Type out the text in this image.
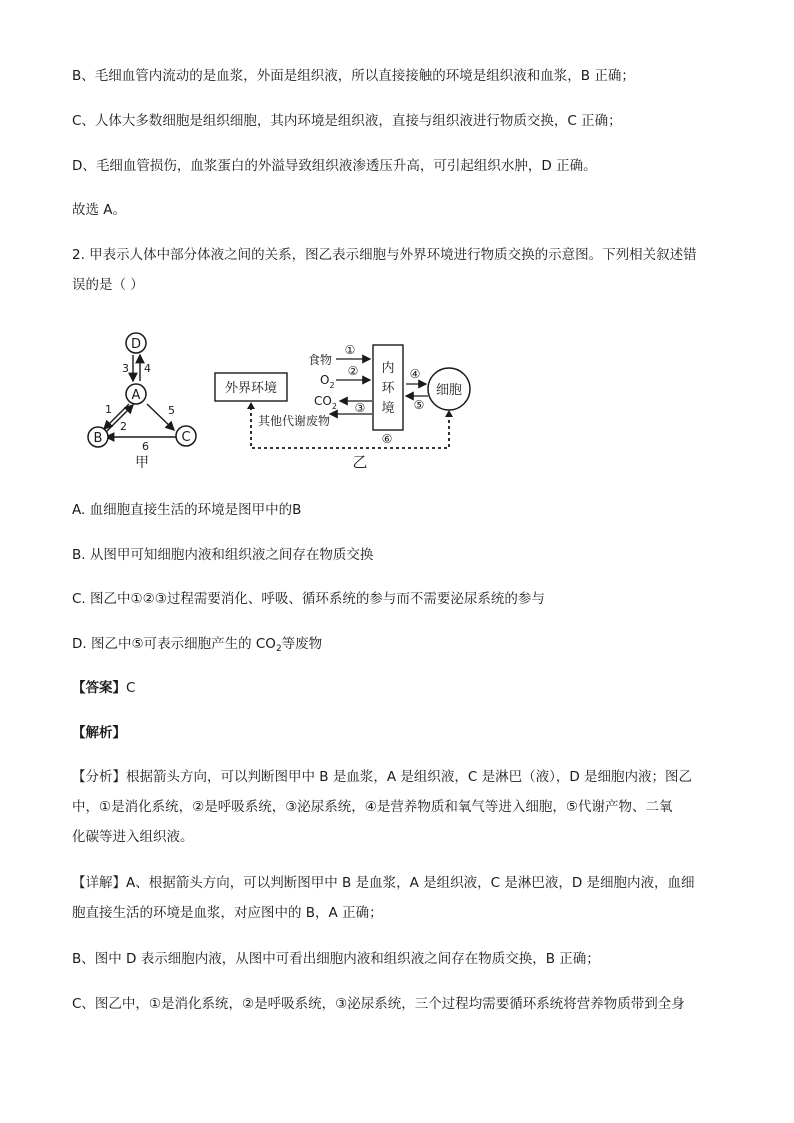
B、毛细血管内流动的是血浆，外面是组织液，所以直接接触的环境是组织液和血浆，B 正确；
C、人体大多数细胞是组织细胞，其内环境是组织液，直接与组织液进行物质交换，C 正确；
D、毛细血管损伤，血浆蛋白的外溢导致组织液渗透压升高，可引起组织水肿，D 正确。
故选 A。
2. 甲表示人体中部分体液之间的关系，图乙表示细胞与外界环境进行物质交换的示意图。下列相关叙述错
误的是（ ）
3 4
1
2
5
6
D
A
B	C
甲
外界环境
内
环
境
细胞
食物
①
$O_2$
②
$CO_2$ ③
其他代谢废物
④
⑤
⑥
乙
A. 血细胞直接生活的环境是图甲中的B
B. 从图甲可知细胞内液和组织液之间存在物质交换
C. 图乙中①②③过程需要消化、呼吸、循环系统的参与而不需要泌尿系统的参与
D. 图乙中⑤可表示细胞产生的 $CO_2$等废物
【答案】C
【解析】
【分析】根据箭头方向，可以判断图甲中 B 是血浆，A 是组织液，C 是淋巴（液），D 是细胞内液；图乙
中，①是消化系统，②是呼吸系统，③泌尿系统，④是营养物质和氧气等进入细胞，⑤代谢产物、二氧
化碳等进入组织液。
【详解】A、根据箭头方向，可以判断图甲中 B 是血浆，A 是组织液，C 是淋巴液，D 是细胞内液，血细
胞直接生活的环境是血浆，对应图中的 B，A 正确；
B、图中 D 表示细胞内液，从图中可看出细胞内液和组织液之间存在物质交换，B 正确；
C、图乙中，①是消化系统，②是呼吸系统，③泌尿系统，三个过程均需要循环系统将营养物质带到全身
